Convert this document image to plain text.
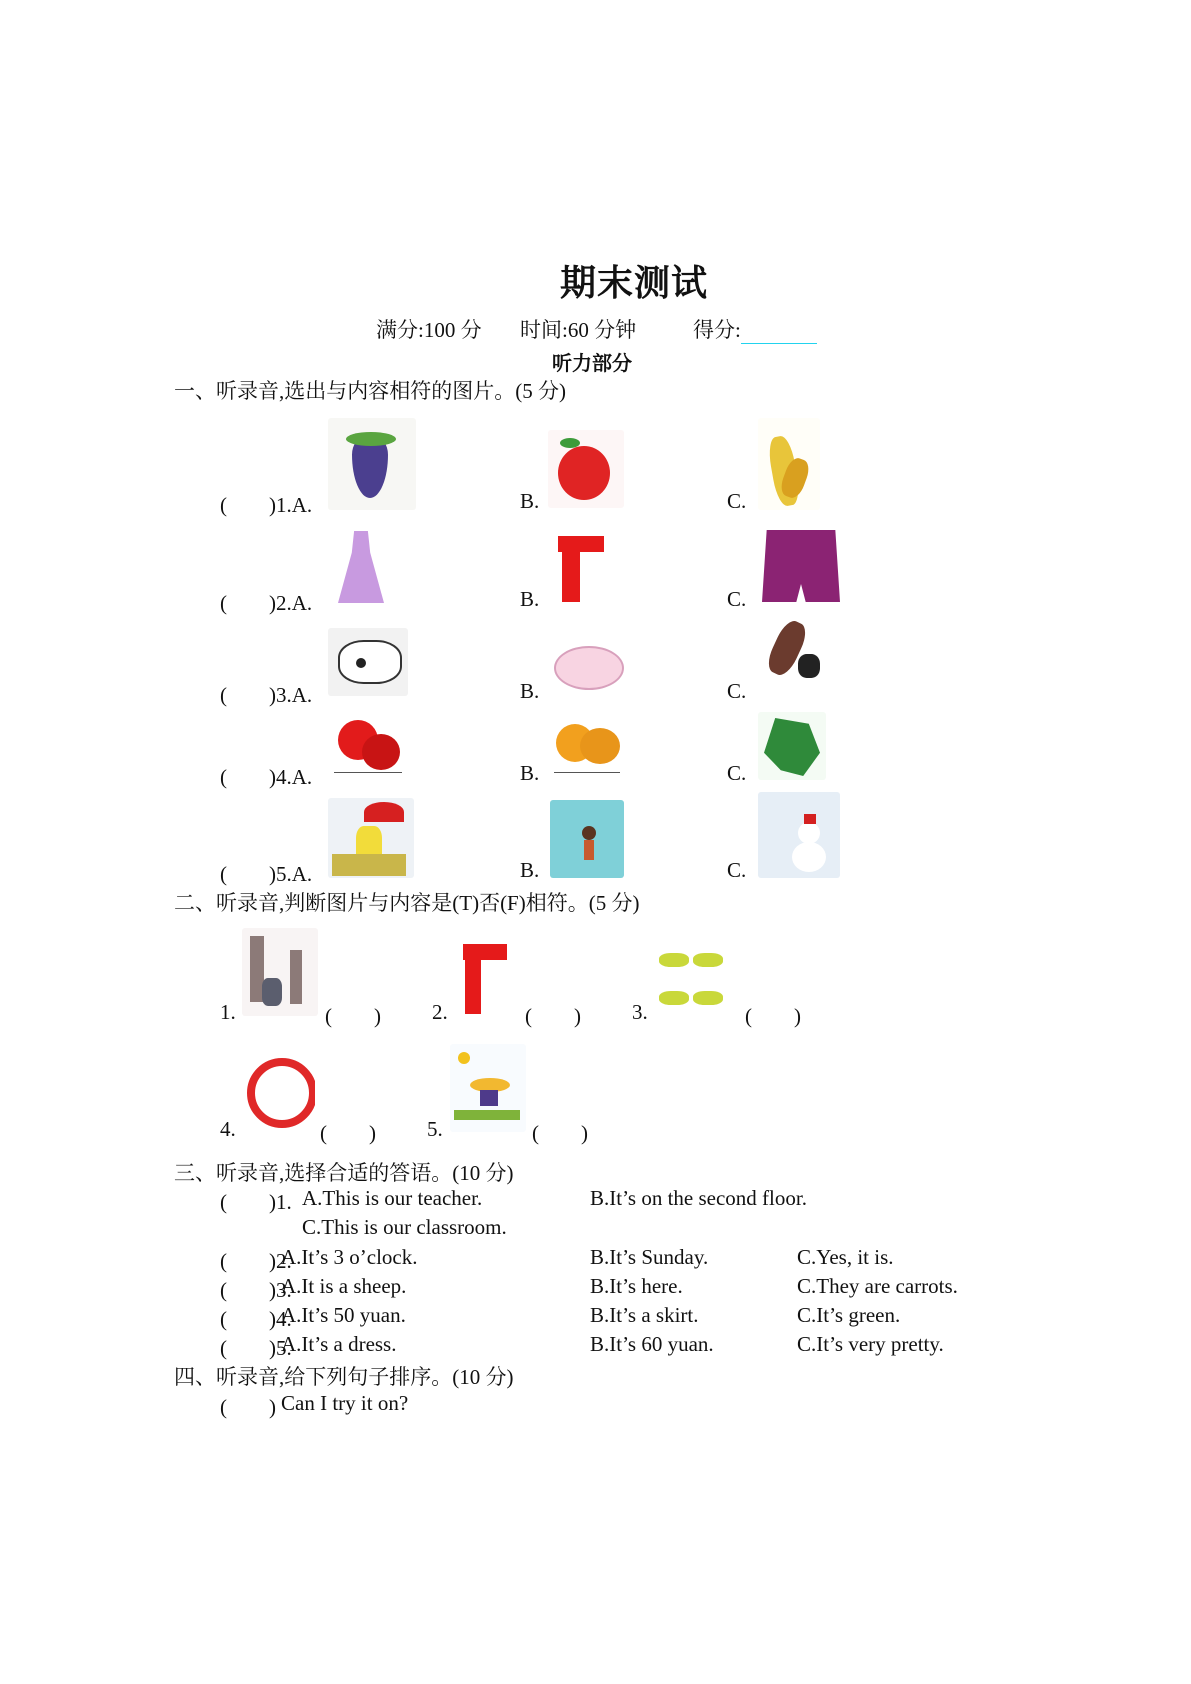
期末测试
满分:100 分 时间:60 分钟	得分:
听力部分
一、听录音,选出与内容相符的图片。(5 分)
(　　)1.A.	B.	C.
(　　)2.A.	B.	C.
(　　)3.A.	B.	C.
(　　)4.A.	B.	C.
(　　)5.A.	B.	C.
二、听录音,判断图片与内容是(T)否(F)相符。(5 分)
1.	(　　) 2.	(　　) 3.	(　　)
4.	(　　) 5.	(　　)
三、听录音,选择合适的答语。(10 分)
(　　)1. A.This is our teacher.	B.It’s on the second floor.
C.This is our classroom.
(　　)2.
A.It’s 3 o’clock.	B.It’s Sunday.	C.Yes, it is.
(　　)3.
A.It is a sheep.	B.It’s here.	C.They are carrots.
(　　)4.
A.It’s 50 yuan.	B.It’s a skirt.	C.It’s green.
(　　)5.
A.It’s a dress.	B.It’s 60 yuan.	C.It’s very pretty.
四、听录音,给下列句子排序。(10 分)
(　　) Can I try it on?
